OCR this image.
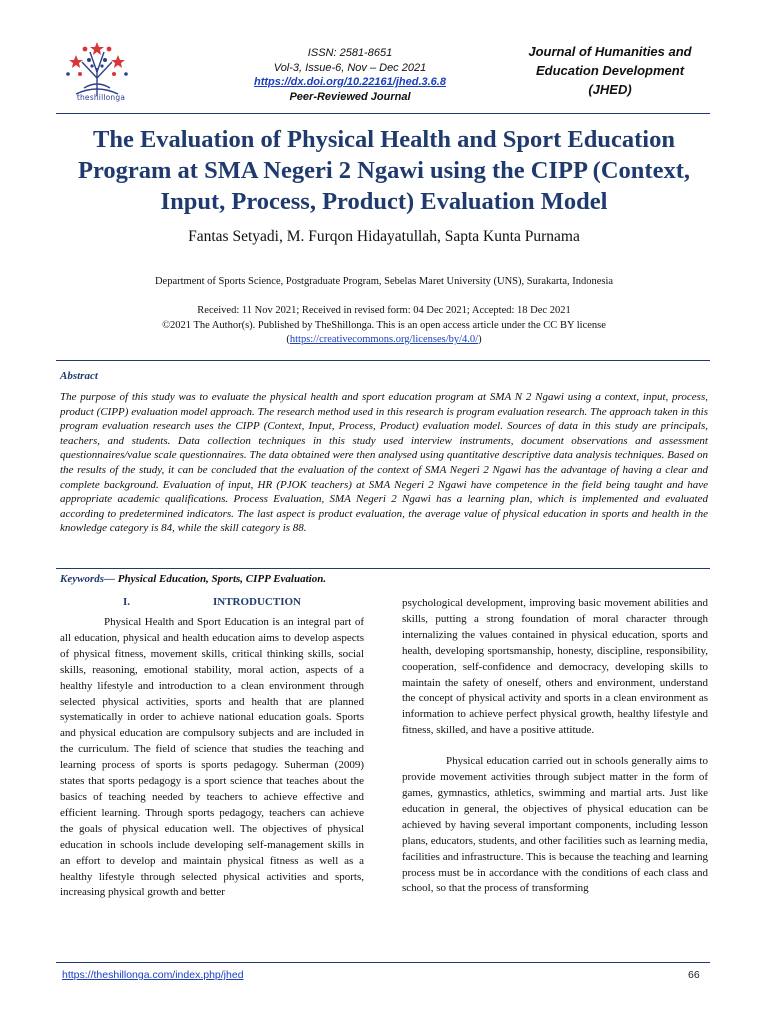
theshillonga
ISSN: 2581-8651
Vol-3, Issue-6, Nov – Dec 2021
https://dx.doi.org/10.22161/jhed.3.6.8
Peer-Reviewed Journal
Journal of Humanities and
Education Development
(JHED)
The Evaluation of Physical Health and Sport Education
Program at SMA Negeri 2 Ngawi using the CIPP (Context,
Input, Process, Product) Evaluation Model
Fantas Setyadi, M. Furqon Hidayatullah, Sapta Kunta Purnama
Department of Sports Science, Postgraduate Program, Sebelas Maret University (UNS), Surakarta, Indonesia
Received: 11 Nov 2021; Received in revised form: 04 Dec 2021; Accepted: 18 Dec 2021
©2021 The Author(s). Published by TheShillonga. This is an open access article under the CC BY license
(https://creativecommons.org/licenses/by/4.0/)
Abstract
The purpose of this study was to evaluate the physical health and sport education program at SMA N 2 Ngawi using a context, input, process, product (CIPP) evaluation model approach. The research method used in this research is program evaluation research. The approach taken in this program evaluation research uses the CIPP (Context, Input, Process, Product) evaluation model. Sources of data in this study are principals, teachers, and students. Data collection techniques in this study used interview instruments, document observations and assessment questionnaires/value scale questionnaires. The data obtained were then analysed using quantitative descriptive data analysis techniques. Based on the results of the study, it can be concluded that the evaluation of the context of SMA Negeri 2 Ngawi has the advantage of having a clear and complete background. Evaluation of input, HR (PJOK teachers) at SMA Negeri 2 Ngawi have competence in the field being taught and have appropriate academic qualifications. Process Evaluation, SMA Negeri 2 Ngawi has a learning plan, which is implemented and evaluated according to predetermined indicators. The last aspect is product evaluation, the average value of physical education in sports and health in the knowledge category is 84, while the skill category is 88.
Keywords— Physical Education, Sports, CIPP Evaluation.
I.	INTRODUCTION

Physical Health and Sport Education is an integral part of all education, physical and health education aims to develop aspects of physical fitness, movement skills, critical thinking skills, social skills, reasoning, emotional stability, moral action, aspects of a healthy lifestyle and introduction to a clean environment through selected physical activities, sports and health that are planned systematically in order to achieve national education goals. Sports and physical education are compulsory subjects and are included in the curriculum. The field of science that studies the teaching and learning process of sports is sports pedagogy. Suherman (2009) states that sports pedagogy is a sport science that teaches about the basics of teaching needed by teachers to achieve effective and efficient learning. Through sports pedagogy, teachers can achieve the goals of physical education well. The objectives of physical education in schools include developing self-management skills in an effort to develop and maintain physical fitness as well as a healthy lifestyle through selected physical activities and sports, increasing physical growth and better

psychological development, improving basic movement abilities and skills, putting a strong foundation of moral character through internalizing the values contained in physical education, sports and health, developing sportsmanship, honesty, discipline, responsibility, cooperation, self-confidence and democracy, developing skills to maintain the safety of oneself, others and environment, understand the concept of physical activity and sports in a clean environment as information to achieve perfect physical growth, healthy lifestyle and fitness, skilled, and have a positive attitude.

Physical education carried out in schools generally aims to provide movement activities through subject matter in the form of games, gymnastics, athletics, swimming and martial arts. Just like education in general, the objectives of physical education can be achieved by having several important components, including lesson plans, educators, students, and other facilities such as learning media, facilities and infrastructure. This is because the teaching and learning process must be in accordance with the conditions of each class and school, so that the process of transforming

https://theshillonga.com/index.php/jhed	66
